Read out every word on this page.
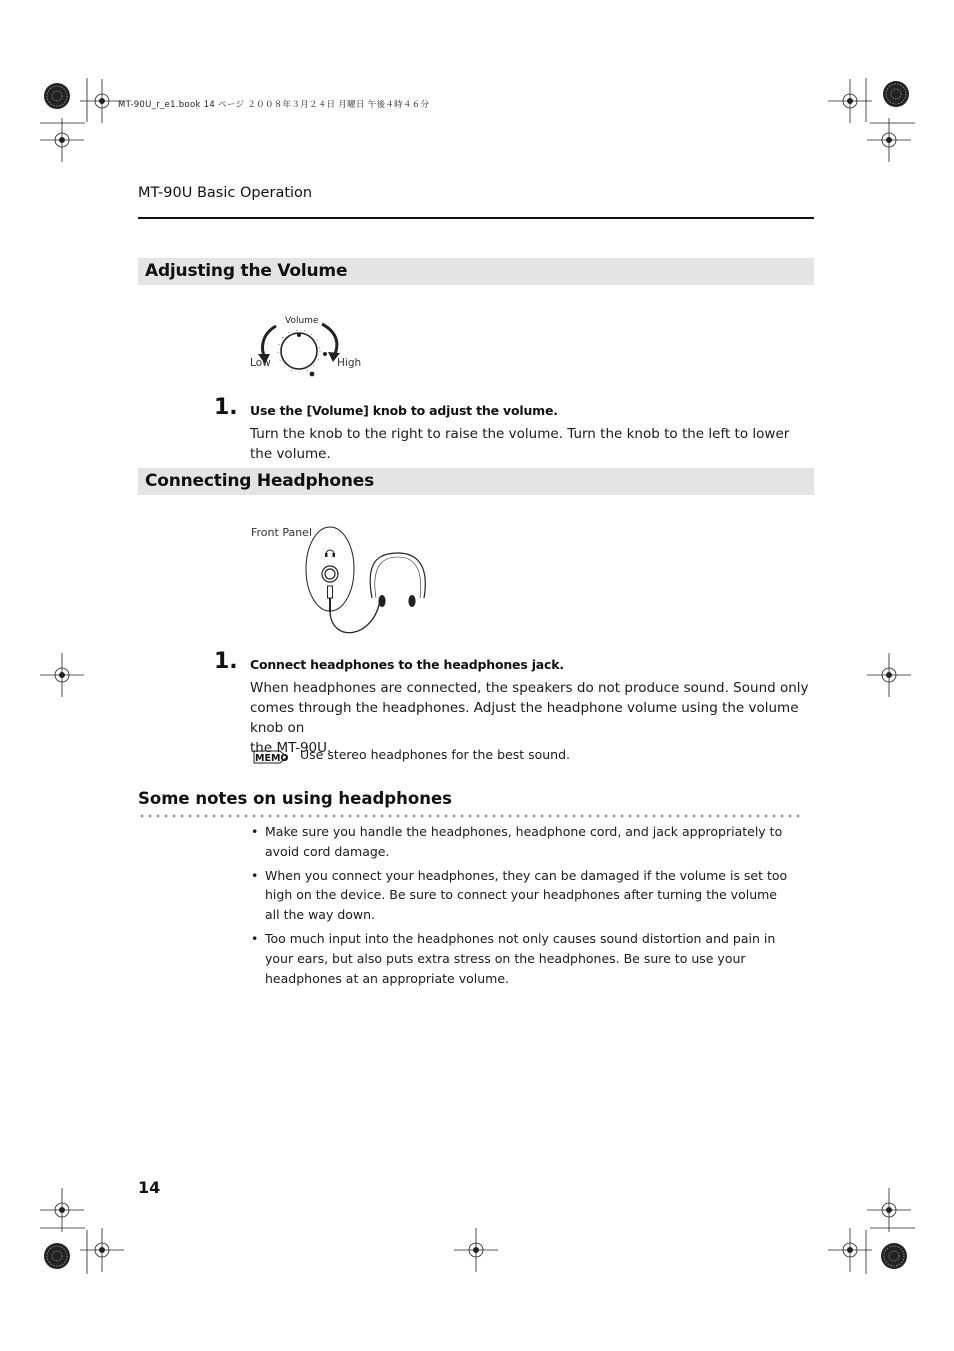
MT-90U_r_e1.book 14 ページ ２００８年３月２４日 月曜日 午後４時４６分
MT-90U Basic Operation
Adjusting the Volume
Volume
Low	High
1. Use the [Volume] knob to adjust the volume.
Turn the knob to the right to raise the volume. Turn the knob to the left to lower the volume.
Connecting Headphones
Front Panel
1. Connect headphones to the headphones jack.
When headphones are connected, the speakers do not produce sound. Sound only
comes through the headphones. Adjust the headphone volume using the volume knob on
the MT-90U.
MEMO Use stereo headphones for the best sound.
Some notes on using headphones
• Make sure you handle the headphones, headphone cord, and jack appropriately to avoid cord damage.
• When you connect your headphones, they can be damaged if the volume is set too high on the device. Be sure to connect your headphones after turning the volume all the way down.
• Too much input into the headphones not only causes sound distortion and pain in your ears, but also puts extra stress on the headphones. Be sure to use your headphones at an appropriate volume.
14
